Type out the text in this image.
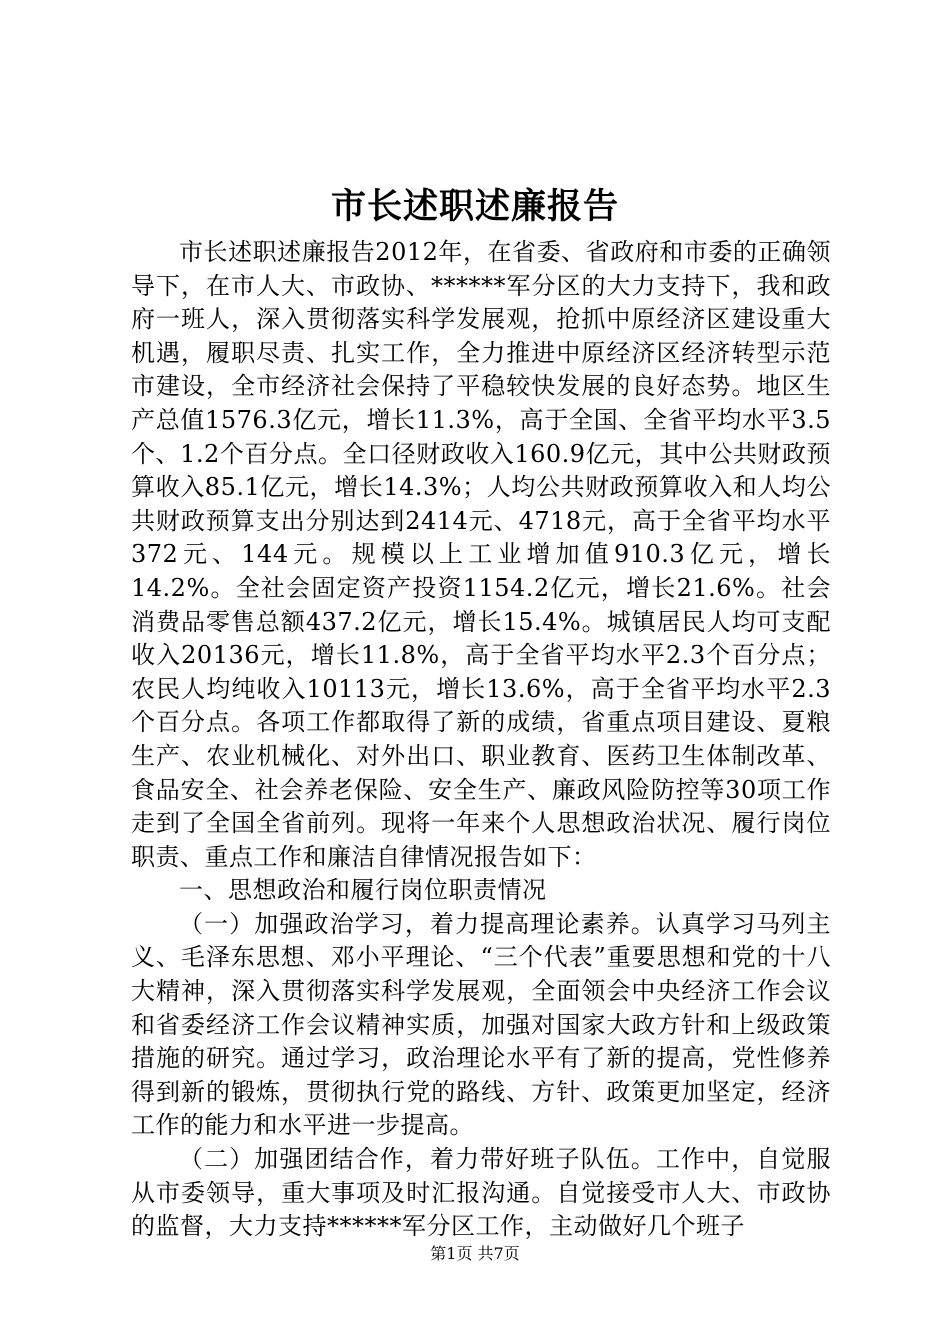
市长述职述廉报告

市长述职述廉报告2012年，在省委、省政府和市委的正确领导下，在市人大、市政协、******军分区的大力支持下，我和政府一班人，深入贯彻落实科学发展观，抢抓中原经济区建设重大机遇，履职尽责、扎实工作，全力推进中原经济区经济转型示范市建设，全市经济社会保持了平稳较快发展的良好态势。地区生产总值1576.3亿元，增长11.3%，高于全国、全省平均水平3.5个、1.2个百分点。全口径财政收入160.9亿元，其中公共财政预算收入85.1亿元，增长14.3%；人均公共财政预算收入和人均公共财政预算支出分别达到2414元、4718元，高于全省平均水平372元、144元。规模以上工业增加值910.3亿元，增长14.2%。全社会固定资产投资1154.2亿元，增长21.6%。社会消费品零售总额437.2亿元，增长15.4%。城镇居民人均可支配收入20136元，增长11.8%，高于全省平均水平2.3个百分点；农民人均纯收入10113元，增长13.6%，高于全省平均水平2.3个百分点。各项工作都取得了新的成绩，省重点项目建设、夏粮生产、农业机械化、对外出口、职业教育、医药卫生体制改革、食品安全、社会养老保险、安全生产、廉政风险防控等30项工作走到了全国全省前列。现将一年来个人思想政治状况、履行岗位职责、重点工作和廉洁自律情况报告如下：

一、思想政治和履行岗位职责情况

（一）加强政治学习，着力提高理论素养。认真学习马列主义、毛泽东思想、邓小平理论、“三个代表”重要思想和党的十八大精神，深入贯彻落实科学发展观，全面领会中央经济工作会议和省委经济工作会议精神实质，加强对国家大政方针和上级政策措施的研究。通过学习，政治理论水平有了新的提高，党性修养得到新的锻炼，贯彻执行党的路线、方针、政策更加坚定，经济工作的能力和水平进一步提高。

（二）加强团结合作，着力带好班子队伍。工作中，自觉服从市委领导，重大事项及时汇报沟通。自觉接受市人大、市政协的监督，大力支持******军分区工作，主动做好几个班子

第1页 共7页
